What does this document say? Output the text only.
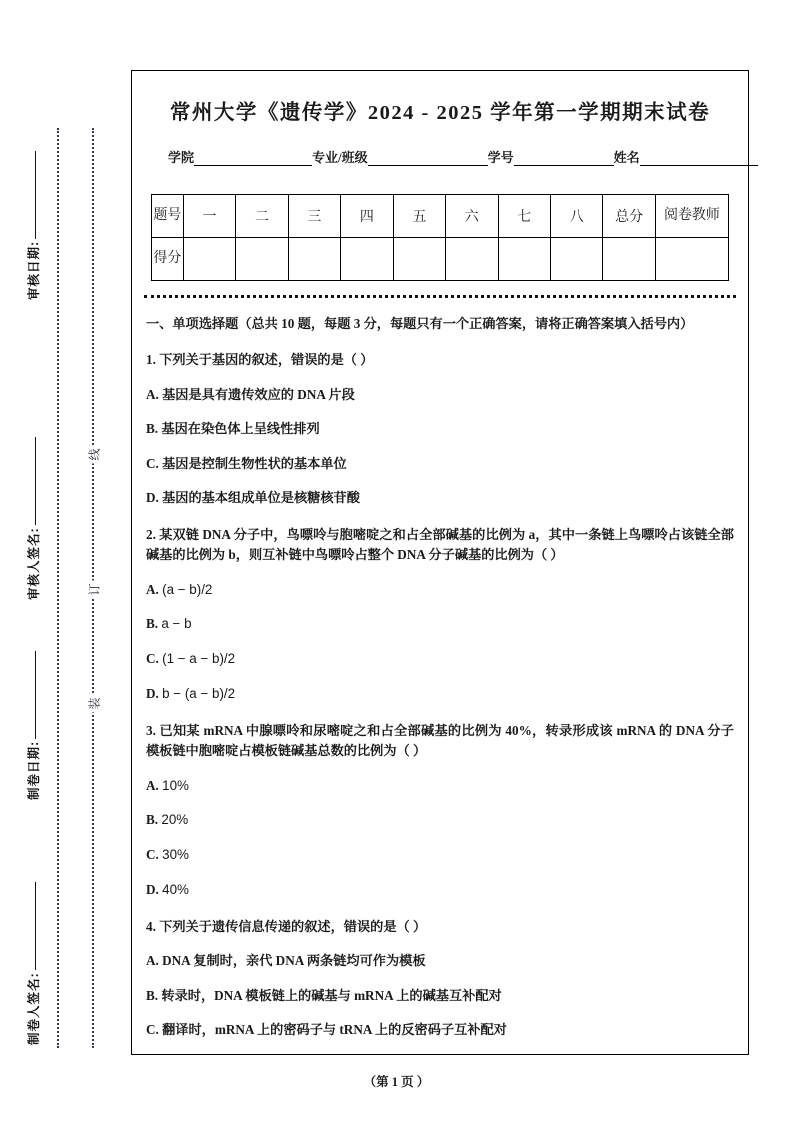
审核日期:
审核人签名:
制卷日期:
制卷人签名:
线
订
装
常州大学《遗传学》2024 - 2025 学年第一学期期末试卷
学院	专业/班级	学号	姓名
题号	一	二	三	四	五	六	七	八	总分	阅卷教师
得分										
一、单项选择题（总共 10 题，每题 3 分，每题只有一个正确答案，请将正确答案填入括号内）
1. 下列关于基因的叙述，错误的是（ ）
A. 基因是具有遗传效应的 DNA 片段
B. 基因在染色体上呈线性排列
C. 基因是控制生物性状的基本单位
D. 基因的基本组成单位是核糖核苷酸
2. 某双链 DNA 分子中，鸟嘌呤与胞嘧啶之和占全部碱基的比例为 a，其中一条链上鸟嘌呤占该链全部碱基的比例为 b，则互补链中鸟嘌呤占整个 DNA 分子碱基的比例为（ ）
A. (a − b)/2
B. a − b
C. (1 − a − b)/2
D. b − (a − b)/2
3. 已知某 mRNA 中腺嘌呤和尿嘧啶之和占全部碱基的比例为 40%，转录形成该 mRNA 的 DNA 分子模板链中胞嘧啶占模板链碱基总数的比例为（ ）
A. 10%
B. 20%
C. 30%
D. 40%
4. 下列关于遗传信息传递的叙述，错误的是（ ）
A. DNA 复制时，亲代 DNA 两条链均可作为模板
B. 转录时，DNA 模板链上的碱基与 mRNA 上的碱基互补配对
C. 翻译时，mRNA 上的密码子与 tRNA 上的反密码子互补配对
（第 1 页 ）
